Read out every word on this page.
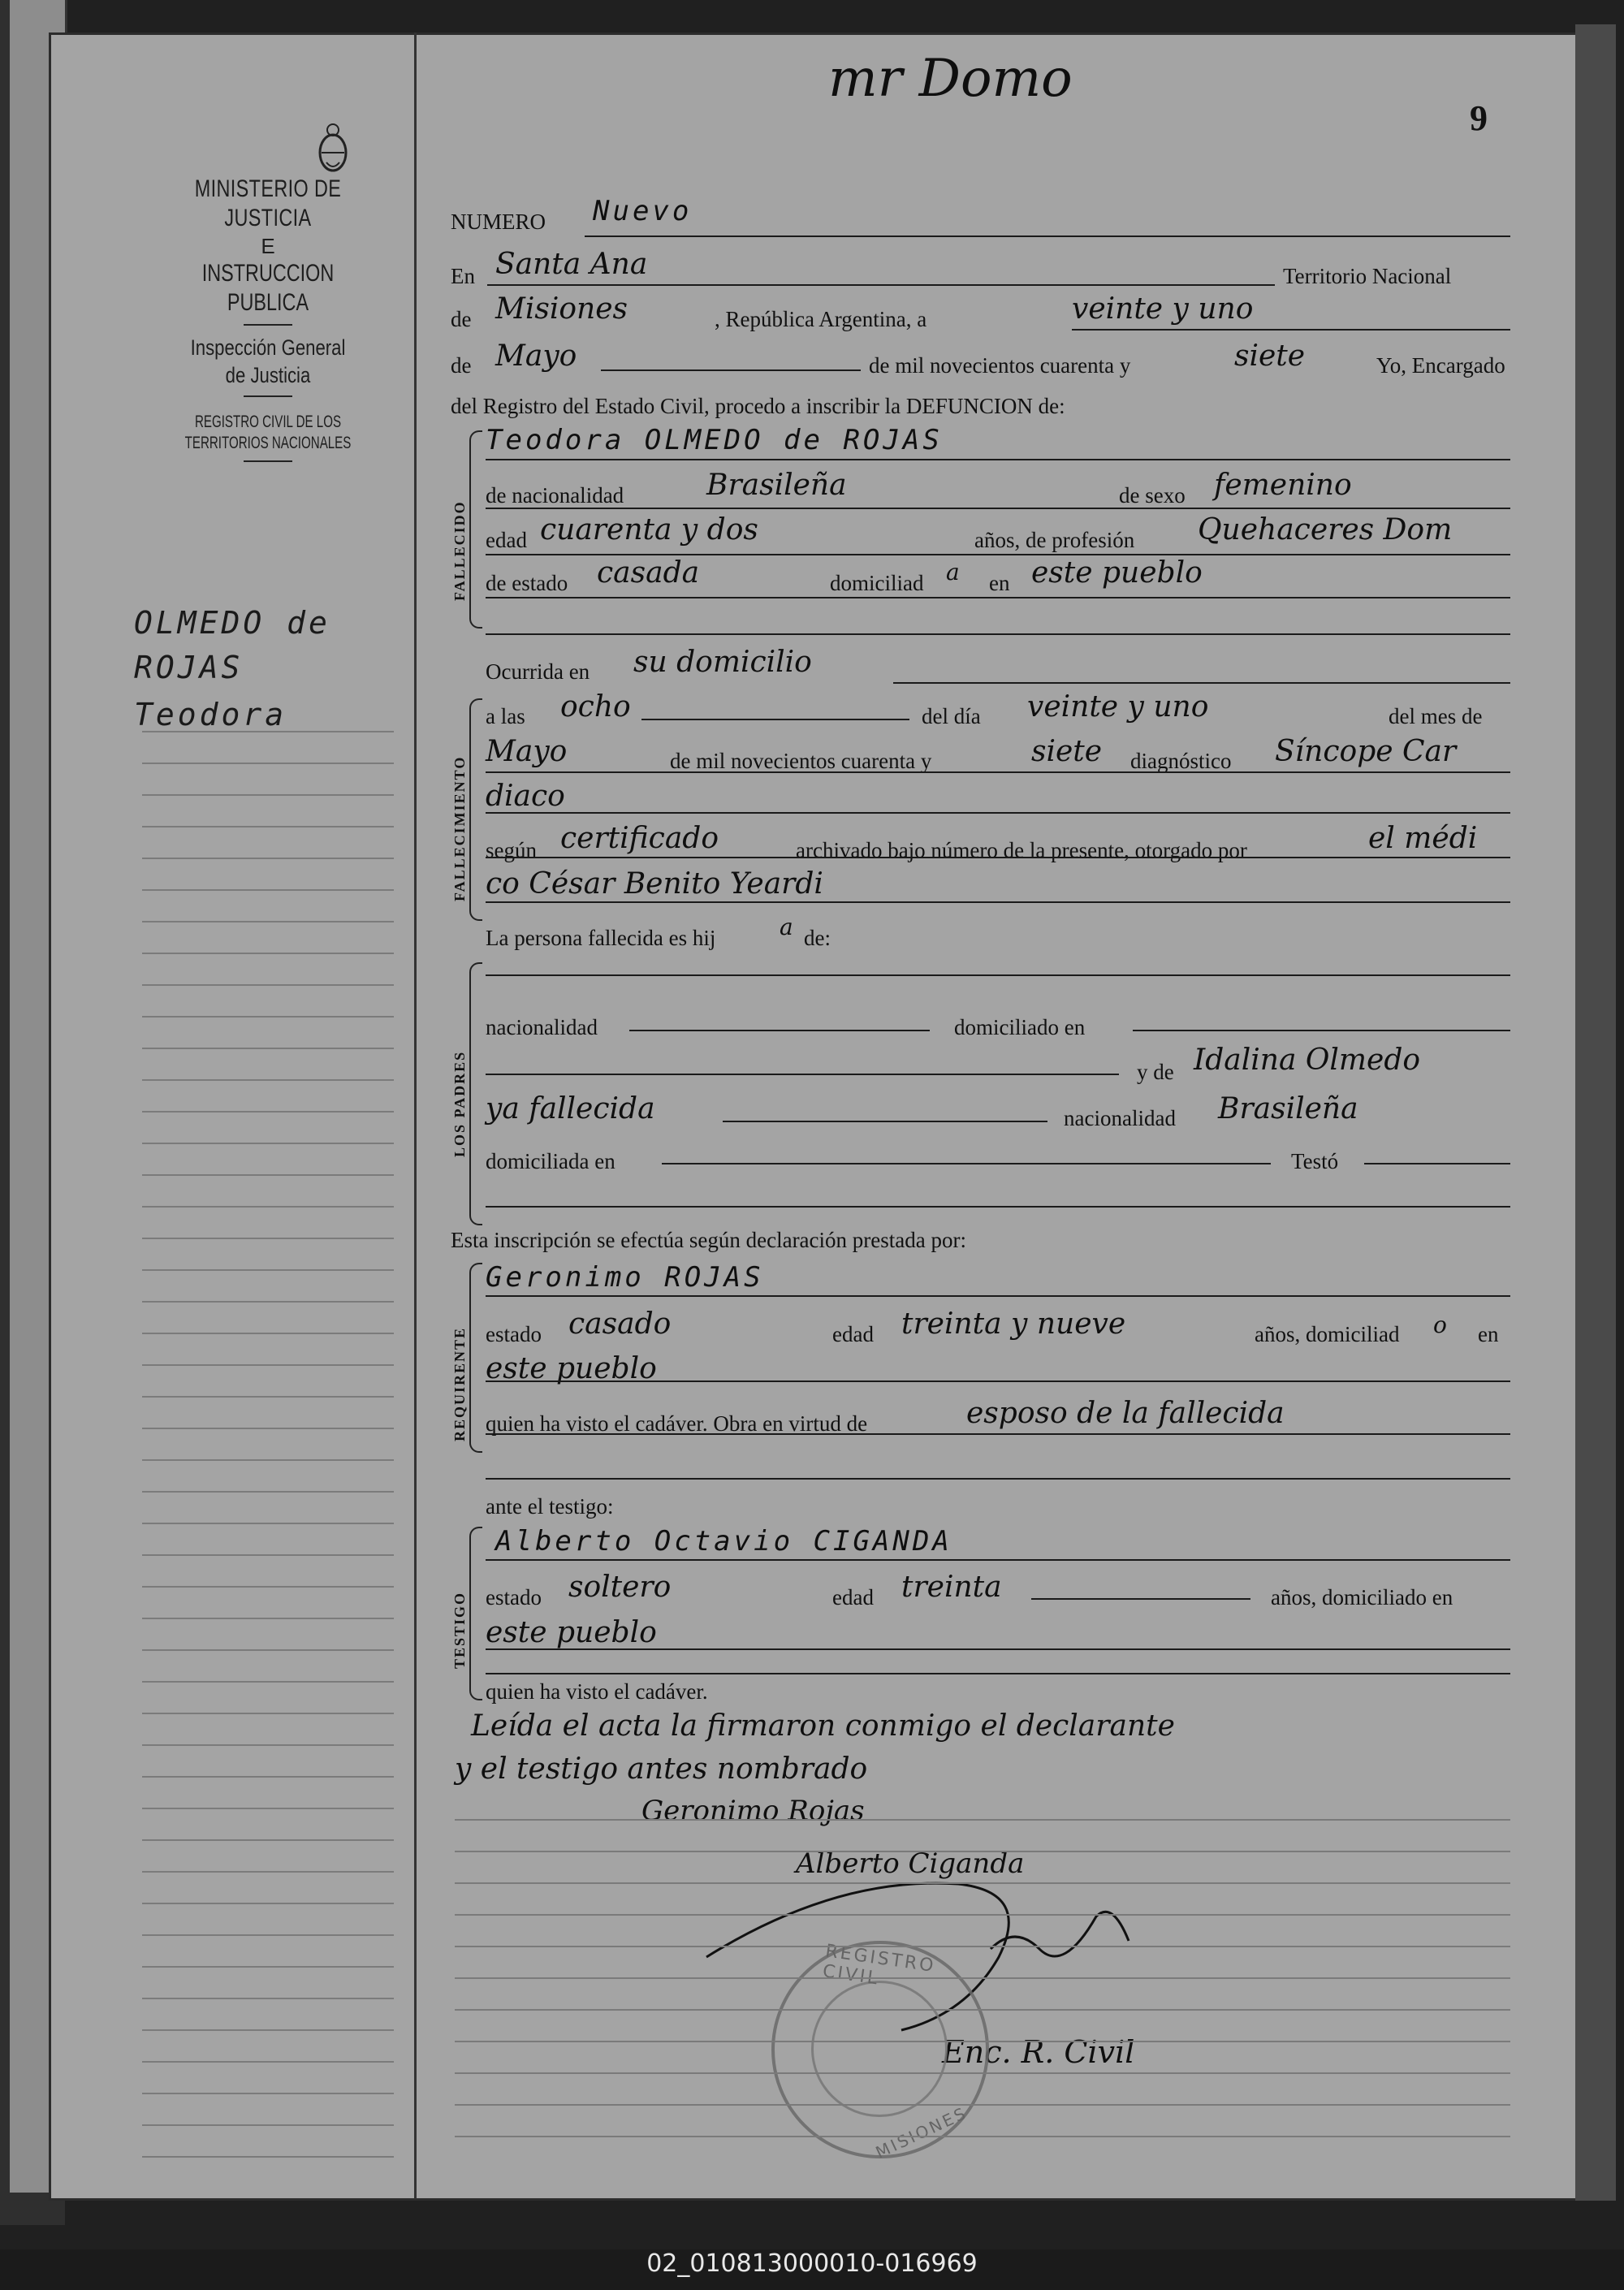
MINISTERIO DE JUSTICIA
E
INSTRUCCION PUBLICA
Inspección General
de Justicia
REGISTRO CIVIL DE LOS
TERRITORIOS NACIONALES
OLMEDO de
ROJAS
Teodora
mr Domo
9
NUMERO Nuevo
En Santa Ana	Territorio Nacional
de Misiones	, República Argentina, a	veinte y uno
de Mayo	de mil novecientos cuarenta y	siete	Yo, Encargado
del Registro del Estado Civil, procedo a inscribir la DEFUNCION de:
FALLECIDO
Teodora OLMEDO de ROJAS
de nacionalidad	Brasileña	de sexo femenino
edad cuarenta y dos	años, de profesión Quehaceres Dom
de estado casada	domiciliad a en este pueblo
Ocurrida en su domicilio
FALLECIMIENTO
a las ocho	del día veinte y uno	del mes de
Mayo	de mil novecientos cuarenta y	siete diagnóstico Síncope Car
diaco
según certificado	archivado bajo número de la presente, otorgado por	el médi
co César Benito Yeardi
La persona fallecida es hij	a de:
LOS PADRES
nacionalidad	domiciliado en
y de Idalina Olmedo
ya fallecida	nacionalidad Brasileña
domiciliada en	Testó
Esta inscripción se efectúa según declaración prestada por:
REQUIRENTE
Geronimo ROJAS
estado casado	edad treinta y nueve	años, domiciliad o en
este pueblo
quien ha visto el cadáver. Obra en virtud de	esposo de la fallecida
ante el testigo:
TESTIGO
Alberto Octavio CIGANDA
estado soltero	edad treinta	años, domiciliado en
este pueblo
quien ha visto el cadáver.
Leída el acta la firmaron conmigo el declarante
y el testigo antes nombrado
Geronimo Rojas
Alberto Ciganda
Enc. R. Civil
REGISTRO CIVIL
MISIONES
02_010813000010-016969
